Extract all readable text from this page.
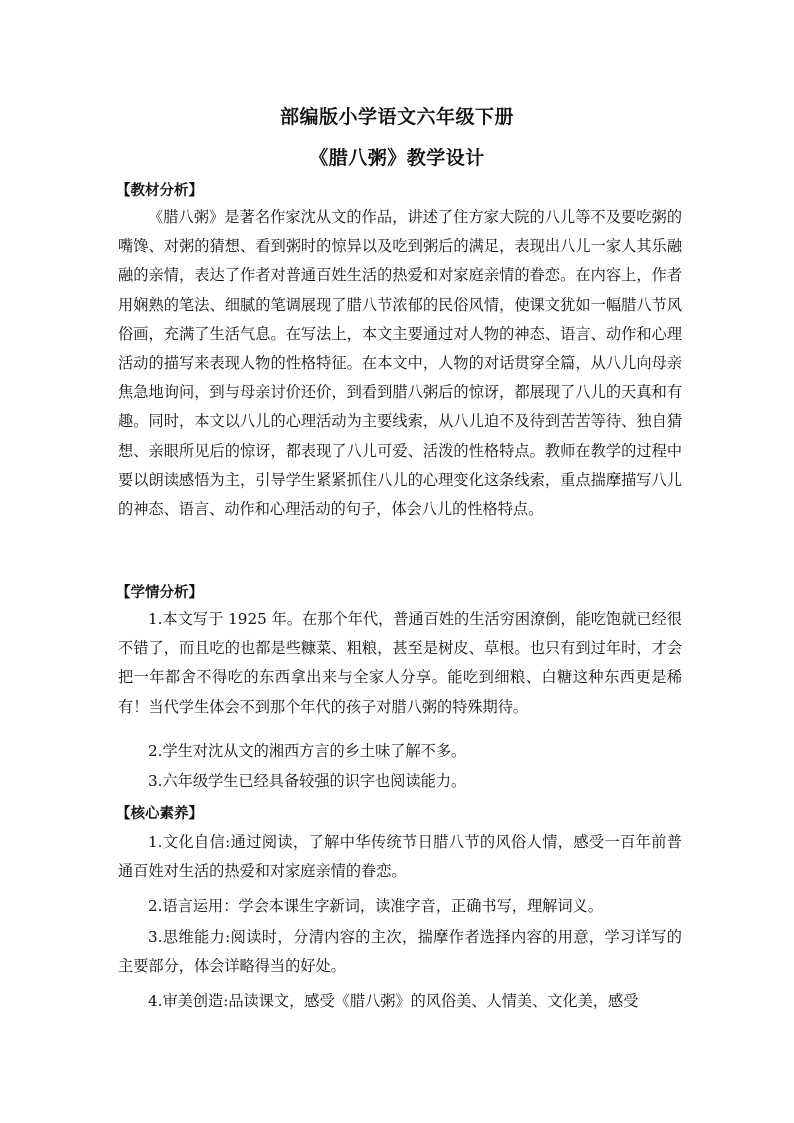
部编版小学语文六年级下册
《腊八粥》教学设计
【教材分析】

《腊八粥》是著名作家沈从文的作品，讲述了住方家大院的八儿等不及要吃粥的嘴馋、对粥的猜想、看到粥时的惊异以及吃到粥后的满足，表现出八儿一家人其乐融融的亲情，表达了作者对普通百姓生活的热爱和对家庭亲情的眷恋。在内容上，作者用娴熟的笔法、细腻的笔调展现了腊八节浓郁的民俗风情，使课文犹如一幅腊八节风俗画，充满了生活气息。在写法上，本文主要通过对人物的神态、语言、动作和心理活动的描写来表现人物的性格特征。在本文中，人物的对话贯穿全篇，从八儿向母亲焦急地询问，到与母亲讨价还价，到看到腊八粥后的惊讶，都展现了八儿的天真和有趣。同时，本文以八儿的心理活动为主要线索，从八儿迫不及待到苦苦等待、独自猜想、亲眼所见后的惊讶，都表现了八儿可爱、活泼的性格特点。教师在教学的过程中要以朗读感悟为主，引导学生紧紧抓住八儿的心理变化这条线索，重点揣摩描写八儿的神态、语言、动作和心理活动的句子，体会八儿的性格特点。

【学情分析】

1.本文写于 1925 年。在那个年代，普通百姓的生活穷困潦倒，能吃饱就已经很不错了，而且吃的也都是些糠菜、粗粮，甚至是树皮、草根。也只有到过年时，才会把一年都舍不得吃的东西拿出来与全家人分享。能吃到细粮、白糖这种东西更是稀有！当代学生体会不到那个年代的孩子对腊八粥的特殊期待。

2.学生对沈从文的湘西方言的乡土味了解不多。

3.六年级学生已经具备较强的识字也阅读能力。

【核心素养】

1.文化自信:通过阅读，了解中华传统节日腊八节的风俗人情，感受一百年前普通百姓对生活的热爱和对家庭亲情的眷恋。

2.语言运用：学会本课生字新词，读准字音，正确书写，理解词义。

3.思维能力:阅读时，分清内容的主次，揣摩作者选择内容的用意，学习详写的主要部分，体会详略得当的好处。

4.审美创造:品读课文，感受《腊八粥》的风俗美、人情美、文化美，感受
